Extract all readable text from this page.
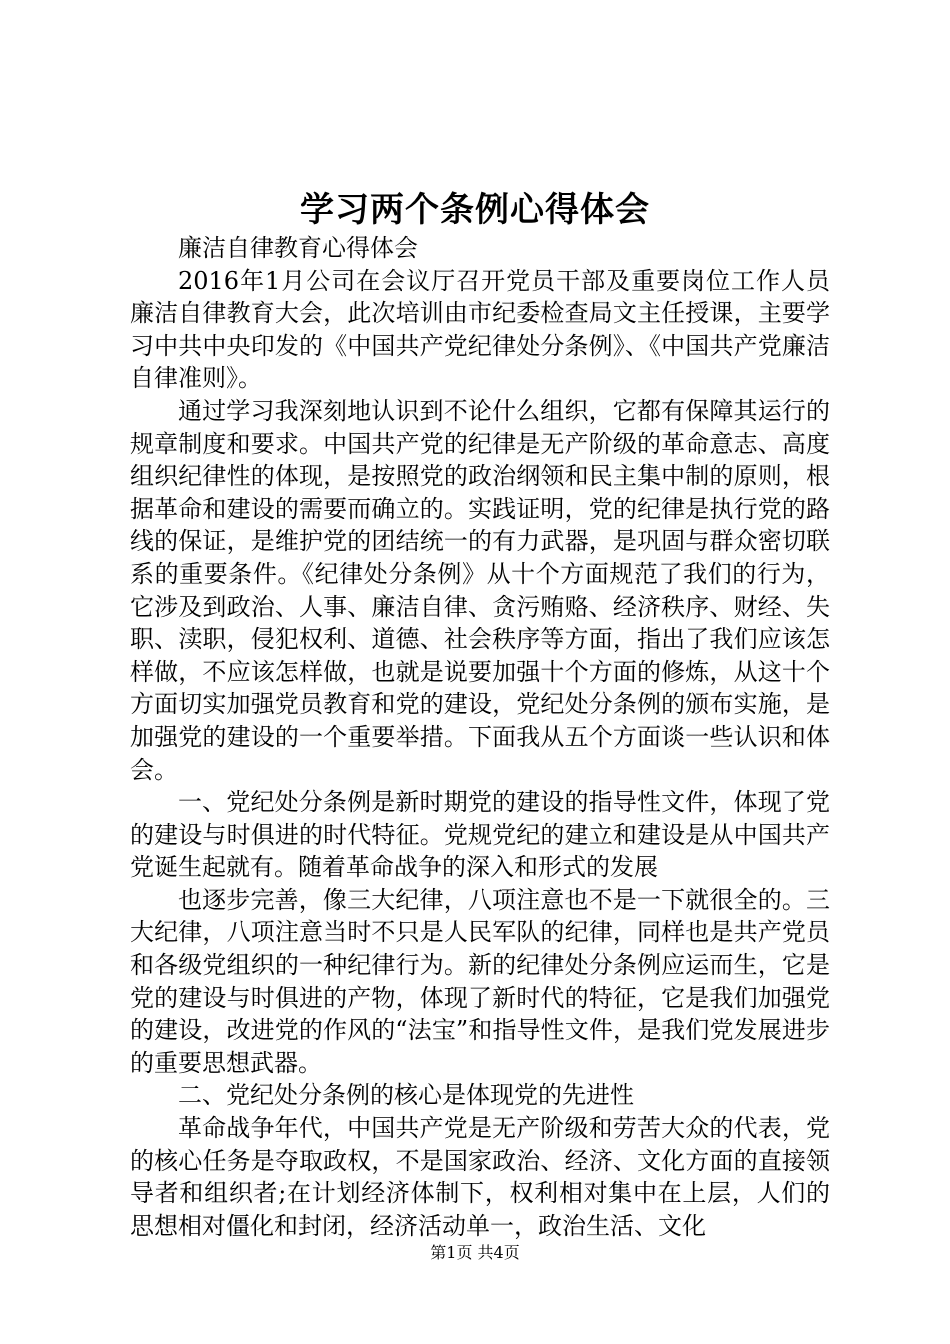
学习两个条例心得体会

廉洁自律教育心得体会

2016年1月公司在会议厅召开党员干部及重要岗位工作人员廉洁自律教育大会，此次培训由市纪委检查局文主任授课，主要学习中共中央印发的《中国共产党纪律处分条例》、《中国共产党廉洁自律准则》。

通过学习我深刻地认识到不论什么组织，它都有保障其运行的规章制度和要求。中国共产党的纪律是无产阶级的革命意志、高度组织纪律性的体现，是按照党的政治纲领和民主集中制的原则，根据革命和建设的需要而确立的。实践证明，党的纪律是执行党的路线的保证，是维护党的团结统一的有力武器，是巩固与群众密切联系的重要条件。《纪律处分条例》从十个方面规范了我们的行为，它涉及到政治、人事、廉洁自律、贪污贿赂、经济秩序、财经、失职、渎职，侵犯权利、道德、社会秩序等方面，指出了我们应该怎样做，不应该怎样做，也就是说要加强十个方面的修炼，从这十个方面切实加强党员教育和党的建设，党纪处分条例的颁布实施，是加强党的建设的一个重要举措。下面我从五个方面谈一些认识和体会。

一、党纪处分条例是新时期党的建设的指导性文件，体现了党的建设与时俱进的时代特征。党规党纪的建立和建设是从中国共产党诞生起就有。随着革命战争的深入和形式的发展

也逐步完善，像三大纪律，八项注意也不是一下就很全的。三大纪律，八项注意当时不只是人民军队的纪律，同样也是共产党员和各级党组织的一种纪律行为。新的纪律处分条例应运而生，它是党的建设与时俱进的产物，体现了新时代的特征，它是我们加强党的建设，改进党的作风的“法宝”和指导性文件，是我们党发展进步的重要思想武器。

二、党纪处分条例的核心是体现党的先进性

革命战争年代，中国共产党是无产阶级和劳苦大众的代表，党的核心任务是夺取政权，不是国家政治、经济、文化方面的直接领导者和组织者;在计划经济体制下，权利相对集中在上层，人们的思想相对僵化和封闭，经济活动单一，政治生活、文化

第1页 共4页
